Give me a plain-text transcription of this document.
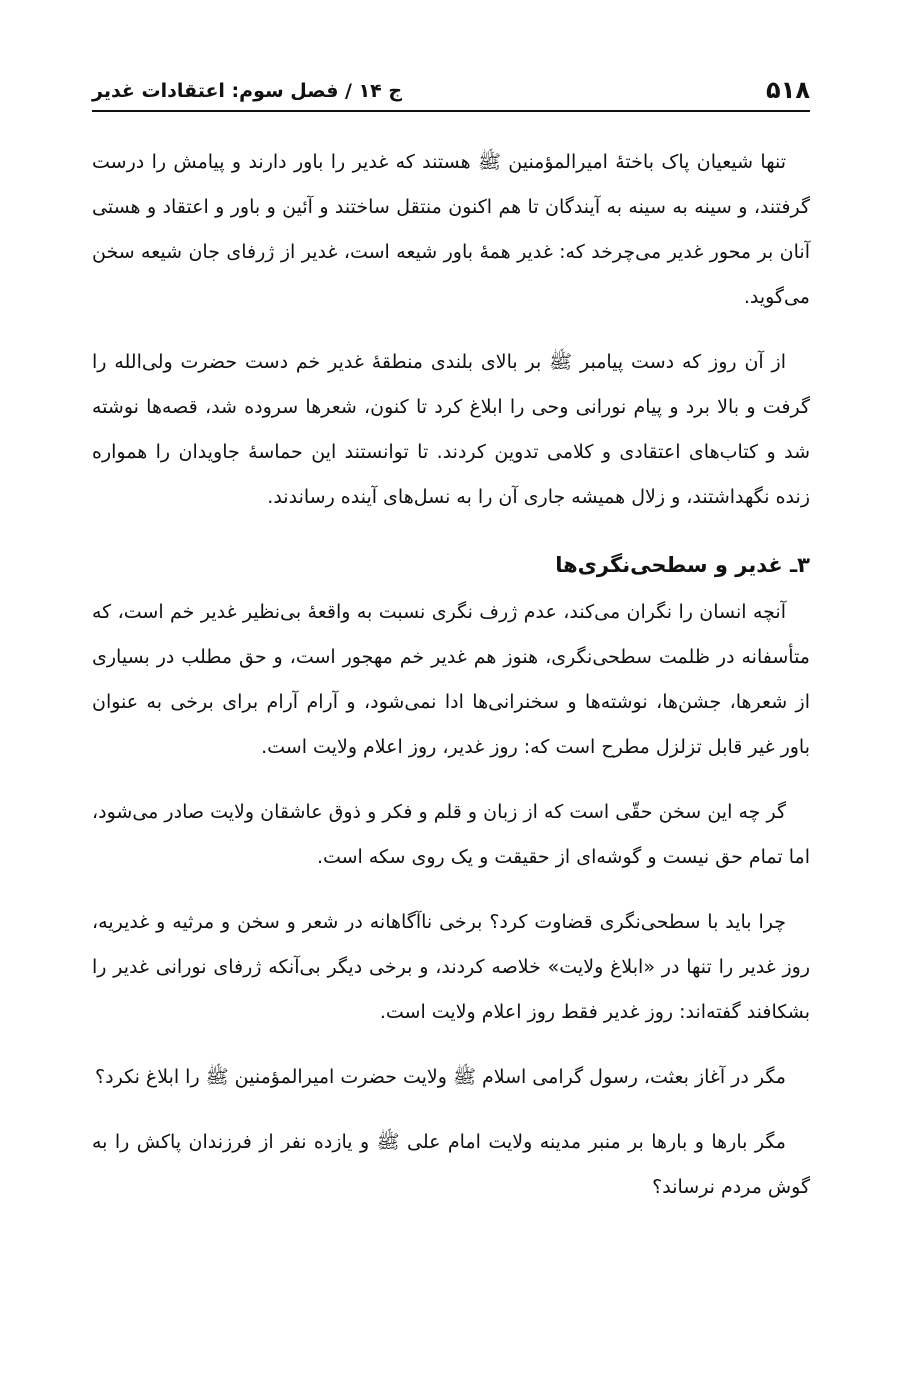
۵۱۸
ج ۱۴ / فصل سوم: اعتقادات غدیر

تنها شیعیان پاک باختهٔ امیرالمؤمنین ﷺ هستند که غدیر را باور دارند و پیامش را درست گرفتند، و سینه به سینه به آیندگان تا هم اکنون منتقل ساختند و آئین و باور و اعتقاد و هستی آنان بر محور غدیر می‌چرخد که: غدیر همهٔ باور شیعه است، غدیر از ژرفای جان شیعه سخن می‌گوید.

از آن روز که دست پیامبر ﷺ بر بالای بلندی منطقهٔ غدیر خم دست حضرت ولی‌الله را گرفت و بالا برد و پیام نورانی وحی را ابلاغ کرد تا کنون، شعرها سروده شد، قصه‌ها نوشته شد و کتاب‌های اعتقادی و کلامی تدوین کردند. تا توانستند این حماسهٔ جاویدان را همواره زنده نگهداشتند، و زلال همیشه جاری آن را به نسل‌های آینده رساندند.

۳ـ غدیر و سطحی‌نگری‌ها

آنچه انسان را نگران می‌کند، عدم ژرف نگری نسبت به واقعهٔ بی‌نظیر غدیر خم است، که متأسفانه در ظلمت سطحی‌نگری، هنوز هم غدیر خم مهجور است، و حق مطلب در بسیاری از شعرها، جشن‌ها، نوشته‌ها و سخنرانی‌ها ادا نمی‌شود، و آرام آرام برای برخی به عنوان باور غیر قابل تزلزل مطرح است که: روز غدیر، روز اعلام ولایت است.

گر چه این سخن حقّی است که از زبان و قلم و فکر و ذوق عاشقان ولایت صادر می‌شود، اما تمام حق نیست و گوشه‌ای از حقیقت و یک روی سکه است.

چرا باید با سطحی‌نگری قضاوت کرد؟ برخی ناآگاهانه در شعر و سخن و مرثیه و غدیریه، روز غدیر را تنها در «ابلاغ ولایت» خلاصه کردند، و برخی دیگر بی‌آنکه ژرفای نورانی غدیر را بشکافند گفته‌اند: روز غدیر فقط روز اعلام ولایت است.

مگر در آغاز بعثت، رسول گرامی اسلام ﷺ ولایت حضرت امیرالمؤمنین ﷺ را ابلاغ نکرد؟

مگر بارها و بارها بر منبر مدینه ولایت امام علی ﷺ و یازده نفر از فرزندان پاکش را به گوش مردم نرساند؟
